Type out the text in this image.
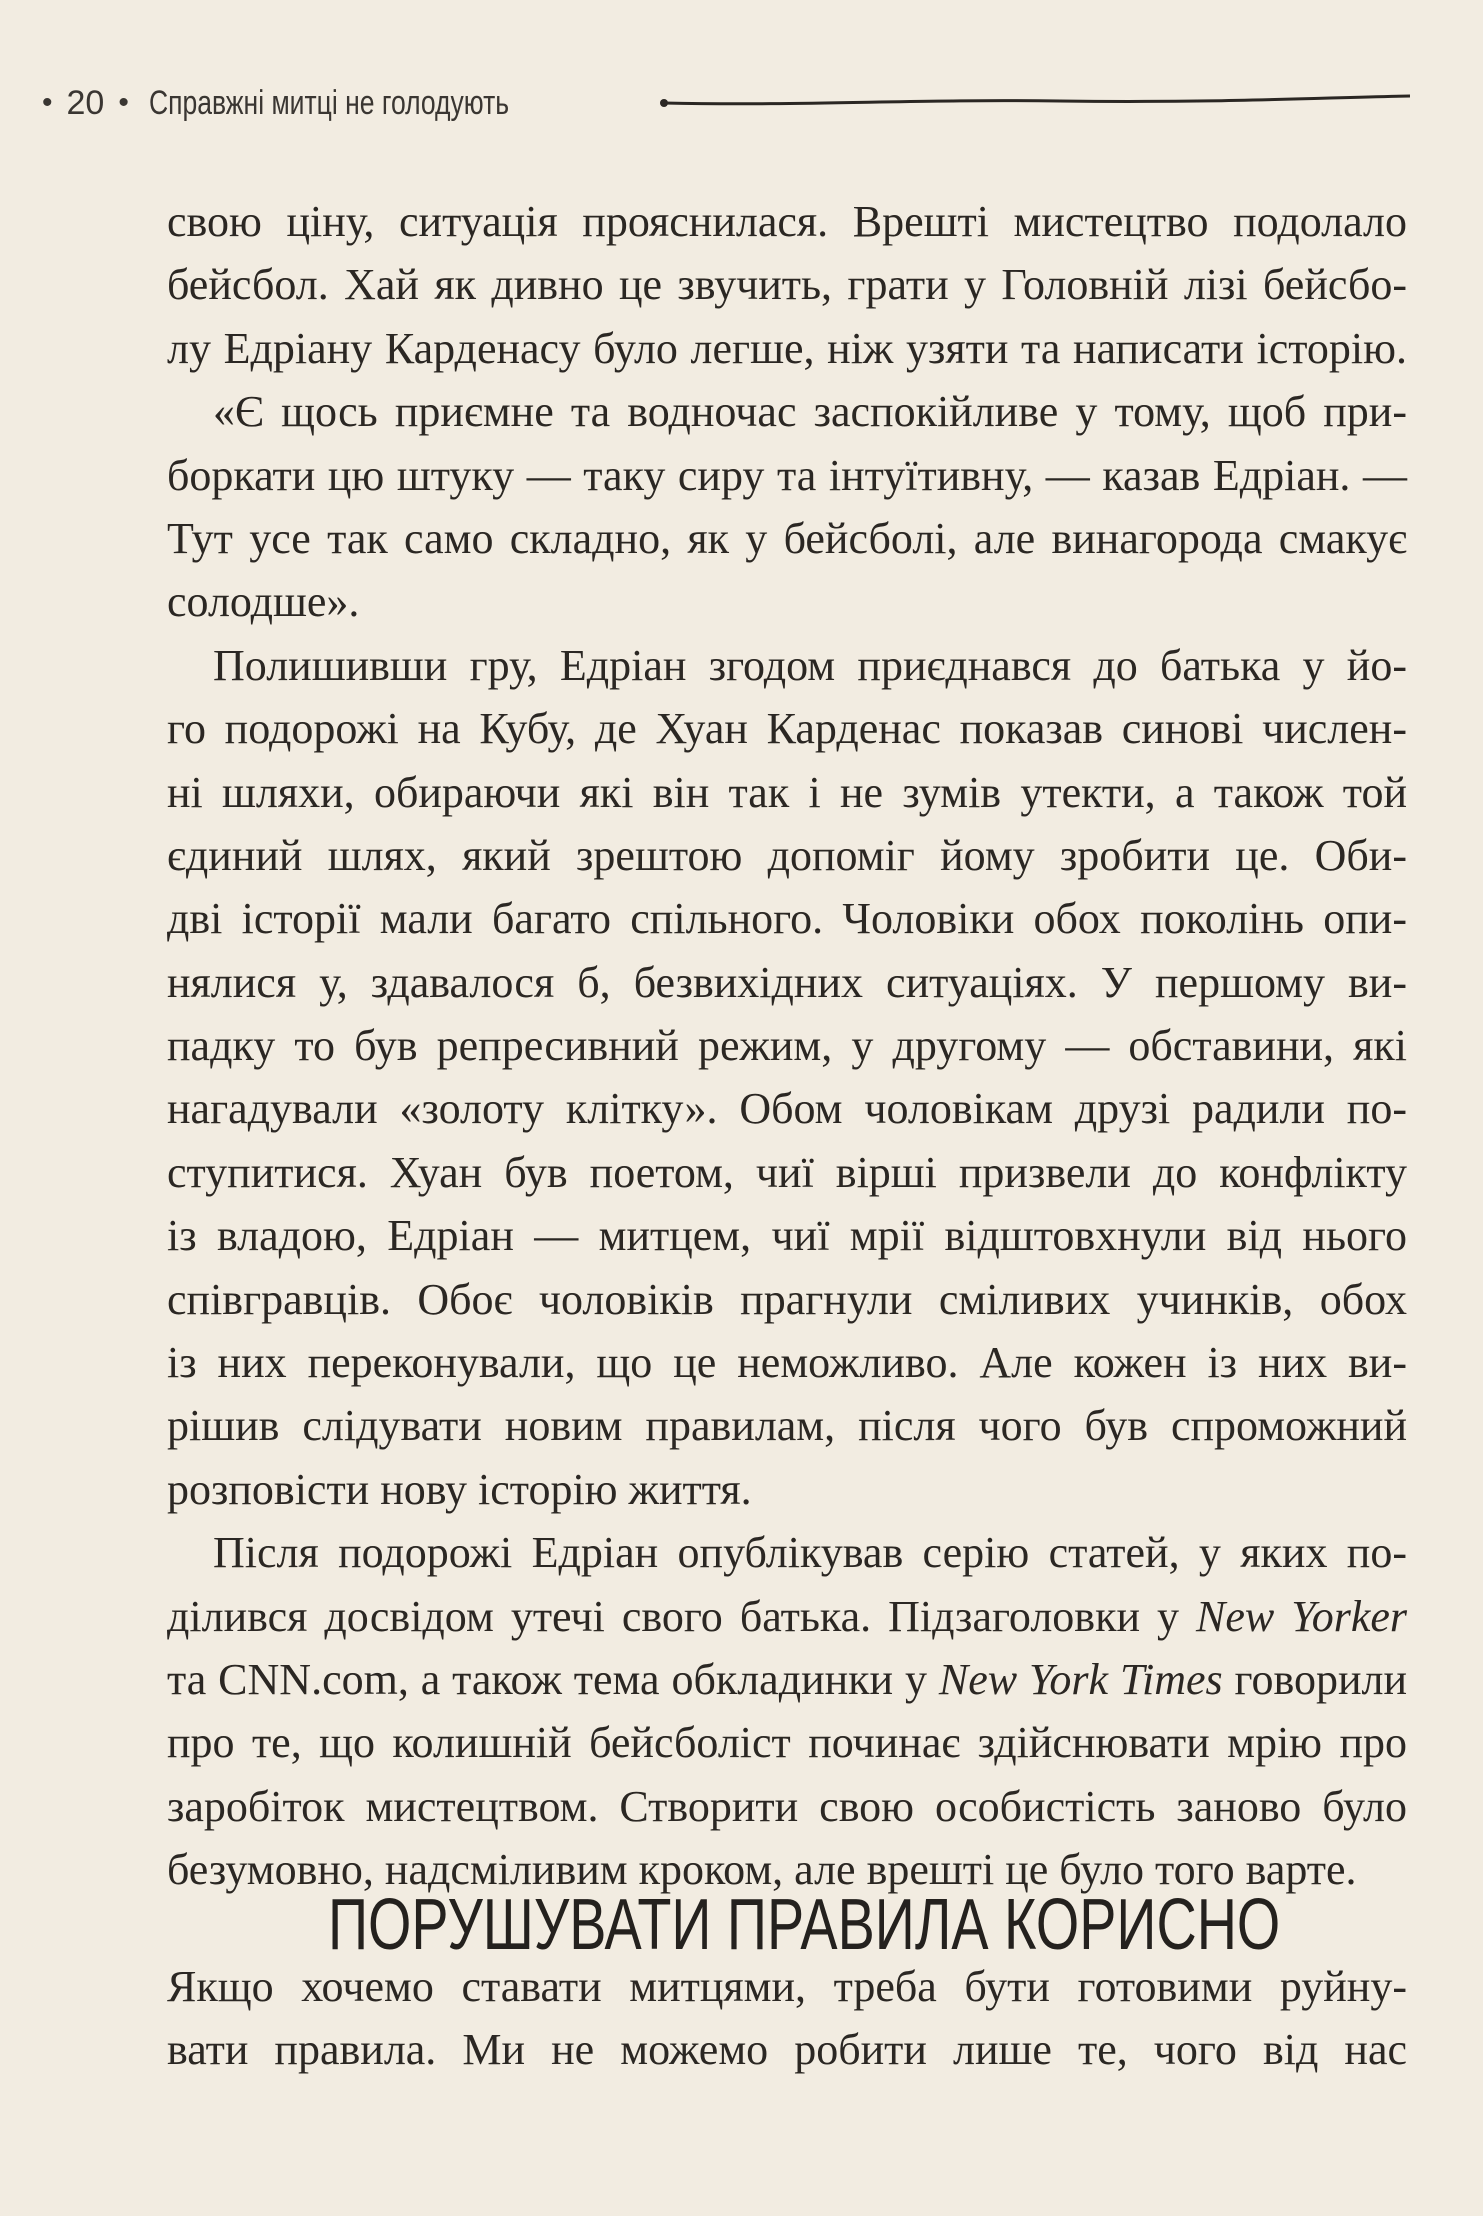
• 20 • Справжні митці не голодують
свою ціну, ситуація прояснилася. Врешті мистецтво подолало
бейсбол. Хай як дивно це звучить, грати у Головній лізі бейсбо-
лу Едріану Карденасу було легше, ніж узяти та написати історію.
«Є щось приємне та водночас заспокійливе у тому, щоб при-
боркати цю штуку — таку сиру та інтуїтивну, — казав Едріан. —
Тут усе так само складно, як у бейсболі, але винагорода смакує
солодше».
Полишивши гру, Едріан згодом приєднався до батька у йо-
го подорожі на Кубу, де Хуан Карденас показав синові числен-
ні шляхи, обираючи які він так і не зумів утекти, а також той
єдиний шлях, який зрештою допоміг йому зробити це. Оби-
дві історії мали багато спільного. Чоловіки обох поколінь опи-
нялися у, здавалося б, безвихідних ситуаціях. У першому ви-
падку то був репресивний режим, у другому — обставини, які
нагадували «золоту клітку». Обом чоловікам друзі радили по-
ступитися. Хуан був поетом, чиї вірші призвели до конфлікту
із владою, Едріан — митцем, чиї мрії відштовхнули від нього
співгравців. Обоє чоловіків прагнули сміливих учинків, обох
із них переконували, що це неможливо. Але кожен із них ви-
рішив слідувати новим правилам, після чого був спроможний
розповісти нову історію життя.
Після подорожі Едріан опублікував серію статей, у яких по-
ділився досвідом утечі свого батька. Підзаголовки у New Yorker
та CNN.com, а також тема обкладинки у New York Times говорили
про те, що колишній бейсболіст починає здійснювати мрію про
заробіток мистецтвом. Створити свою особистість заново було
безумовно, надсміливим кроком, але врешті це було того варте.
ПОРУШУВАТИ ПРАВИЛА КОРИСНО
Якщо хочемо ставати митцями, треба бути готовими руйну-
вати правила. Ми не можемо робити лише те, чого від нас
